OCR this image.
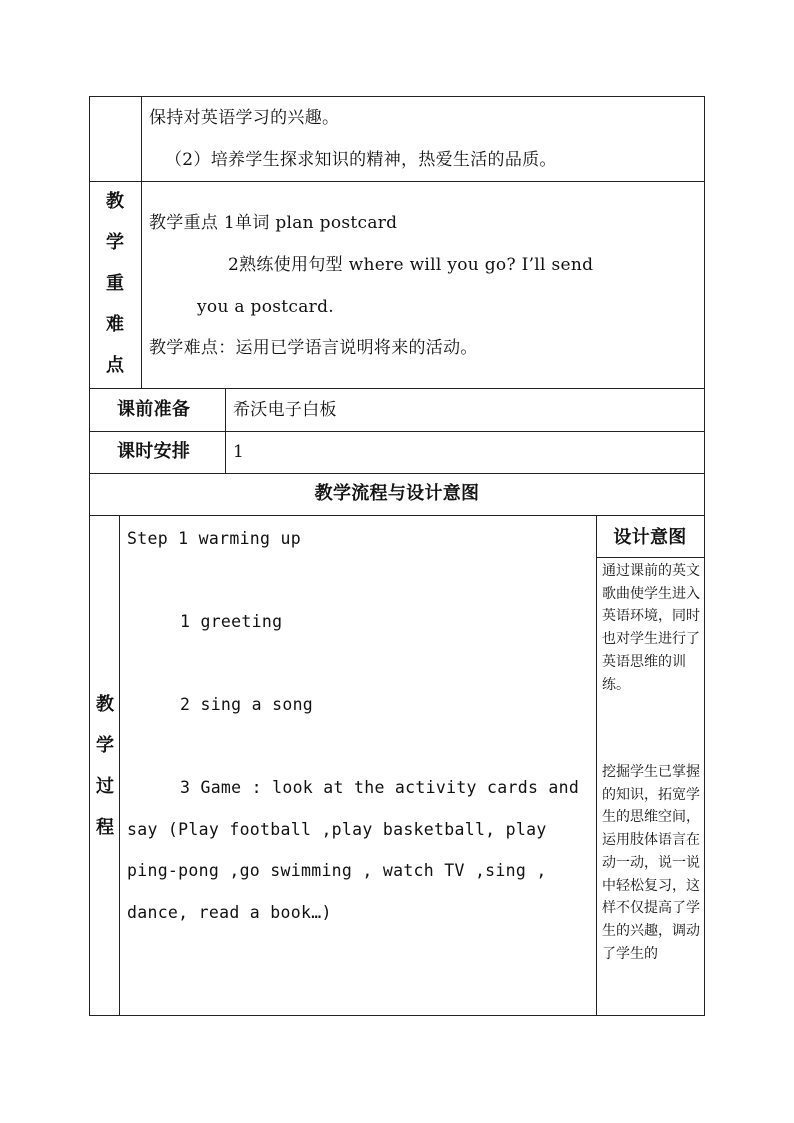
保持对英语学习的兴趣。
（2）培养学生探求知识的精神，热爱生活的品质。
教
学
重
难
点
教学重点 1单词 plan postcard
2熟练使用句型 where will you go? I’ll send
you a postcard.
教学难点：运用已学语言说明将来的活动。
课前准备	希沃电子白板
课时安排	1
教学流程与设计意图
教
学
过
程
Step 1 warming up
1 greeting
2 sing a song
3 Game : look at the activity cards and
say (Play football ,play basketball, play
ping-pong ,go swimming , watch TV ,sing ,
dance, read a book…)
设计意图
通过课前的英文歌曲使学生进入英语环境，同时也对学生进行了英语思维的训练。
挖掘学生已掌握的知识，拓宽学生的思维空间，运用肢体语言在动一动，说一说中轻松复习，这样不仅提高了学生的兴趣，调动了学生的
